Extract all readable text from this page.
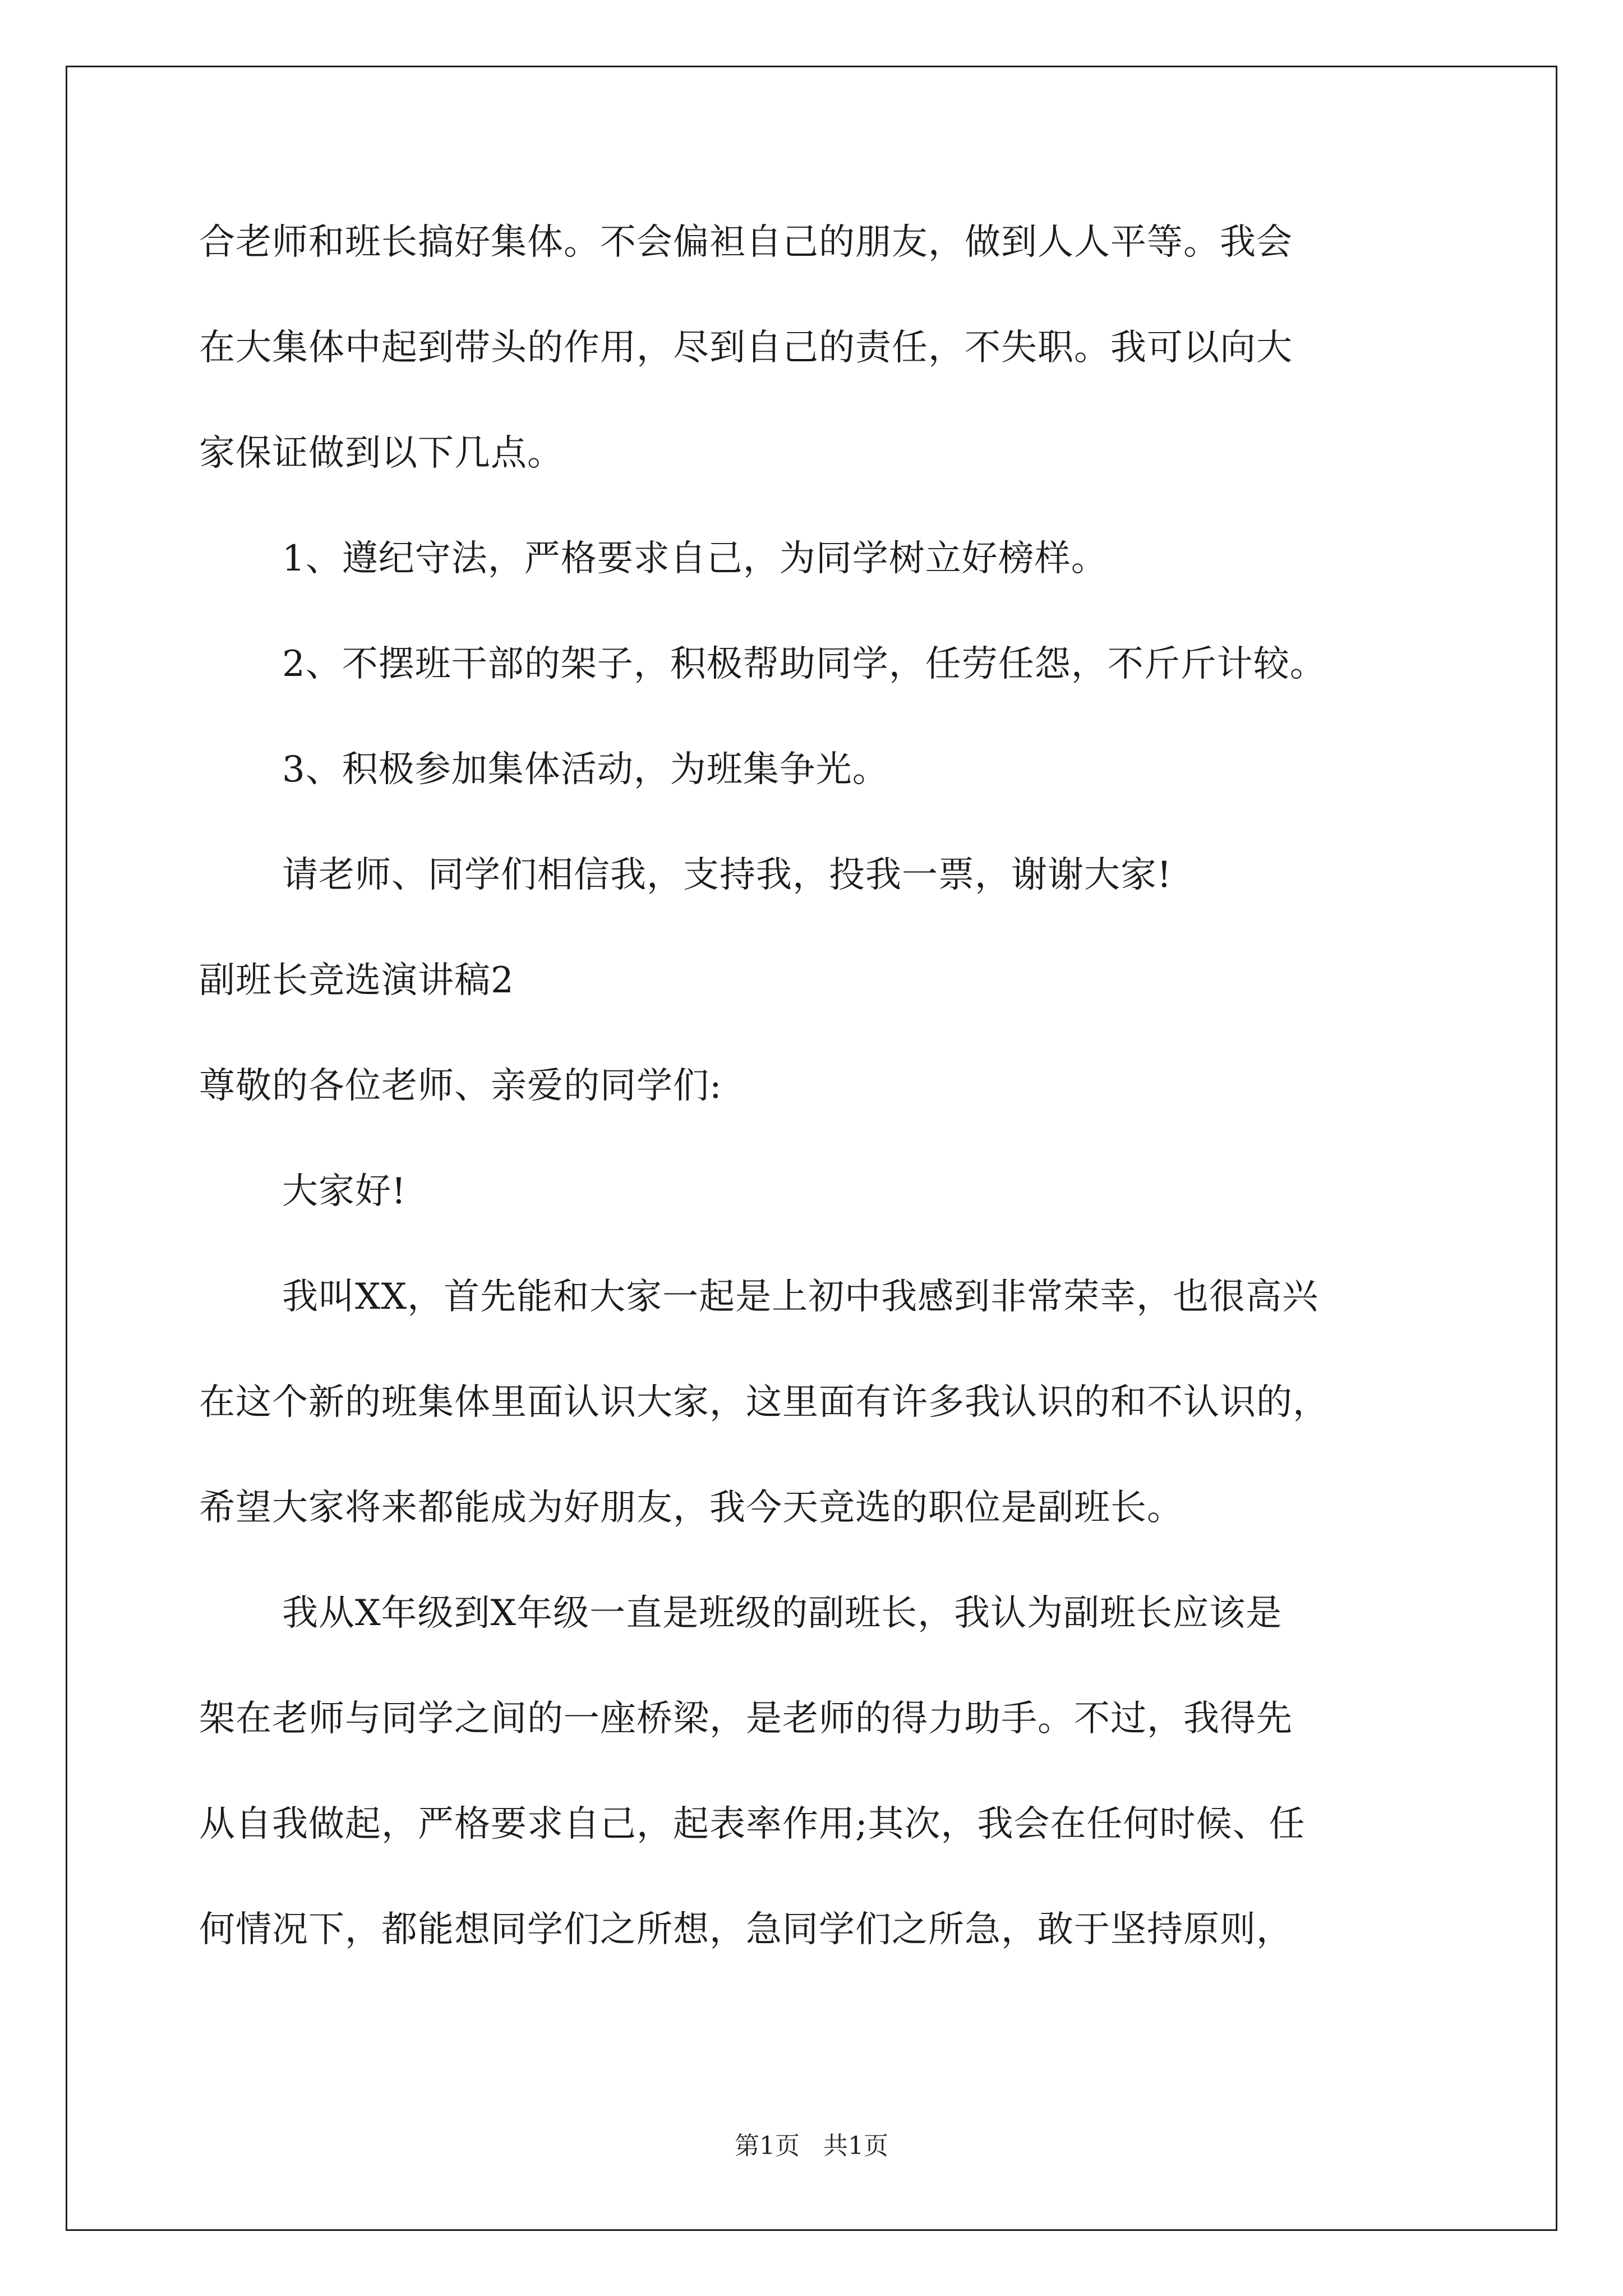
合老师和班长搞好集体。不会偏袒自己的朋友，做到人人平等。我会
在大集体中起到带头的作用，尽到自己的责任，不失职。我可以向大
家保证做到以下几点。
1、遵纪守法，严格要求自己，为同学树立好榜样。
2、不摆班干部的架子，积极帮助同学，任劳任怨，不斤斤计较。
3、积极参加集体活动，为班集争光。
请老师、同学们相信我，支持我，投我一票，谢谢大家!
副班长竞选演讲稿2
尊敬的各位老师、亲爱的同学们:
大家好!
我叫XX，首先能和大家一起是上初中我感到非常荣幸，也很高兴
在这个新的班集体里面认识大家，这里面有许多我认识的和不认识的，
希望大家将来都能成为好朋友，我今天竞选的职位是副班长。
我从X年级到X年级一直是班级的副班长，我认为副班长应该是
架在老师与同学之间的一座桥梁，是老师的得力助手。不过，我得先
从自我做起，严格要求自己，起表率作用;其次，我会在任何时候、任
何情况下，都能想同学们之所想，急同学们之所急，敢于坚持原则，
第1页   共1页
